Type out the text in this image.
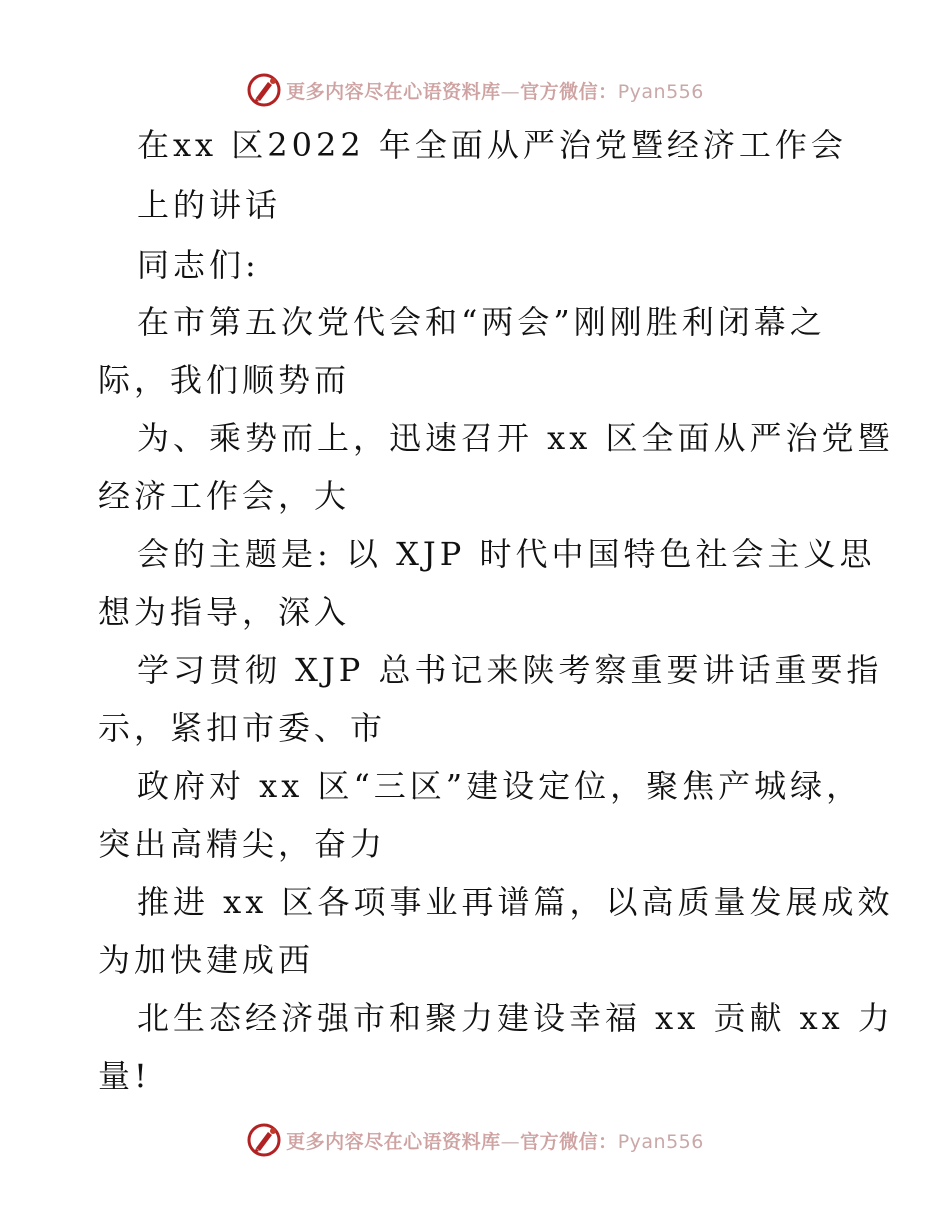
更多内容尽在心语资料库—官方微信：Pyan556
在xx 区2022 年全面从严治党暨经济工作会
上的讲话
同志们:
在市第五次党代会和“两会”刚刚胜利闭幕之
际，我们顺势而
为、乘势而上，迅速召开 xx 区全面从严治党暨
经济工作会，大
会的主题是: 以 XJP 时代中国特色社会主义思
想为指导，深入
学习贯彻 XJP 总书记来陕考察重要讲话重要指
示，紧扣市委、市
政府对 xx 区“三区”建设定位，聚焦产城绿，
突出高精尖，奋力
推进 xx 区各项事业再谱篇，以高质量发展成效
为加快建成西
北生态经济强市和聚力建设幸福 xx 贡献 xx 力
量!
更多内容尽在心语资料库—官方微信：Pyan556
